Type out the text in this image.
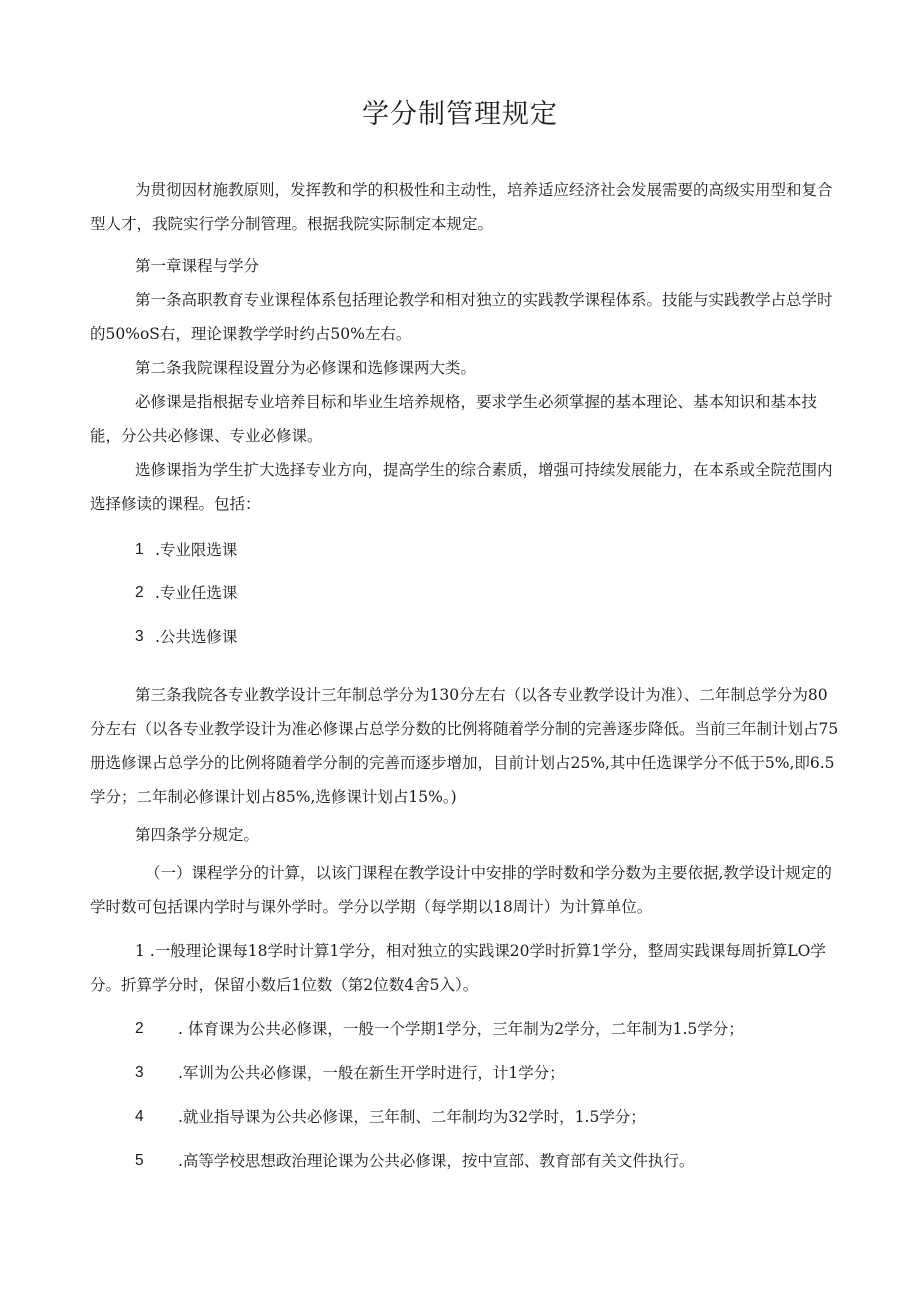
学分制管理规定

为贯彻因材施教原则，发挥教和学的积极性和主动性，培养适应经济社会发展需要的高级实用型和复合型人才，我院实行学分制管理。根据我院实际制定本规定。

第一章课程与学分

第一条高职教育专业课程体系包括理论教学和相对独立的实践教学课程体系。技能与实践教学占总学时的50%oS右，理论课教学学时约占50%左右。

第二条我院课程设置分为必修课和选修课两大类。

必修课是指根据专业培养目标和毕业生培养规格，要求学生必须掌握的基本理论、基本知识和基本技能，分公共必修课、专业必修课。

选修课指为学生扩大选择专业方向，提高学生的综合素质，增强可持续发展能力，在本系或全院范围内选择修读的课程。包括：

1 .专业限选课
2 .专业任选课
3 .公共选修课

第三条我院各专业教学设计三年制总学分为130分左右（以各专业教学设计为准）、二年制总学分为80分左右（以各专业教学设计为准必修课占总学分数的比例将随着学分制的完善逐步降低。当前三年制计划占75册选修课占总学分的比例将随着学分制的完善而逐步增加，目前计划占25%,其中任选课学分不低于5%,即6.5学分；二年制必修课计划占85%,选修课计划占15%。)

第四条学分规定。

（一）课程学分的计算，以该门课程在教学设计中安排的学时数和学分数为主要依据,教学设计规定的学时数可包括课内学时与课外学时。学分以学期（每学期以18周计）为计算单位。

1 .一般理论课每18学时计算1学分，相对独立的实践课20学时折算1学分，整周实践课每周折算LO学分。折算学分时，保留小数后1位数（第2位数4舍5入）。

2 . 体育课为公共必修课，一般一个学期1学分，三年制为2学分，二年制为1.5学分；
3 .军训为公共必修课，一般在新生开学时进行，计1学分；
4 .就业指导课为公共必修课，三年制、二年制均为32学时，1.5学分；
5 .高等学校思想政治理论课为公共必修课，按中宣部、教育部有关文件执行。
